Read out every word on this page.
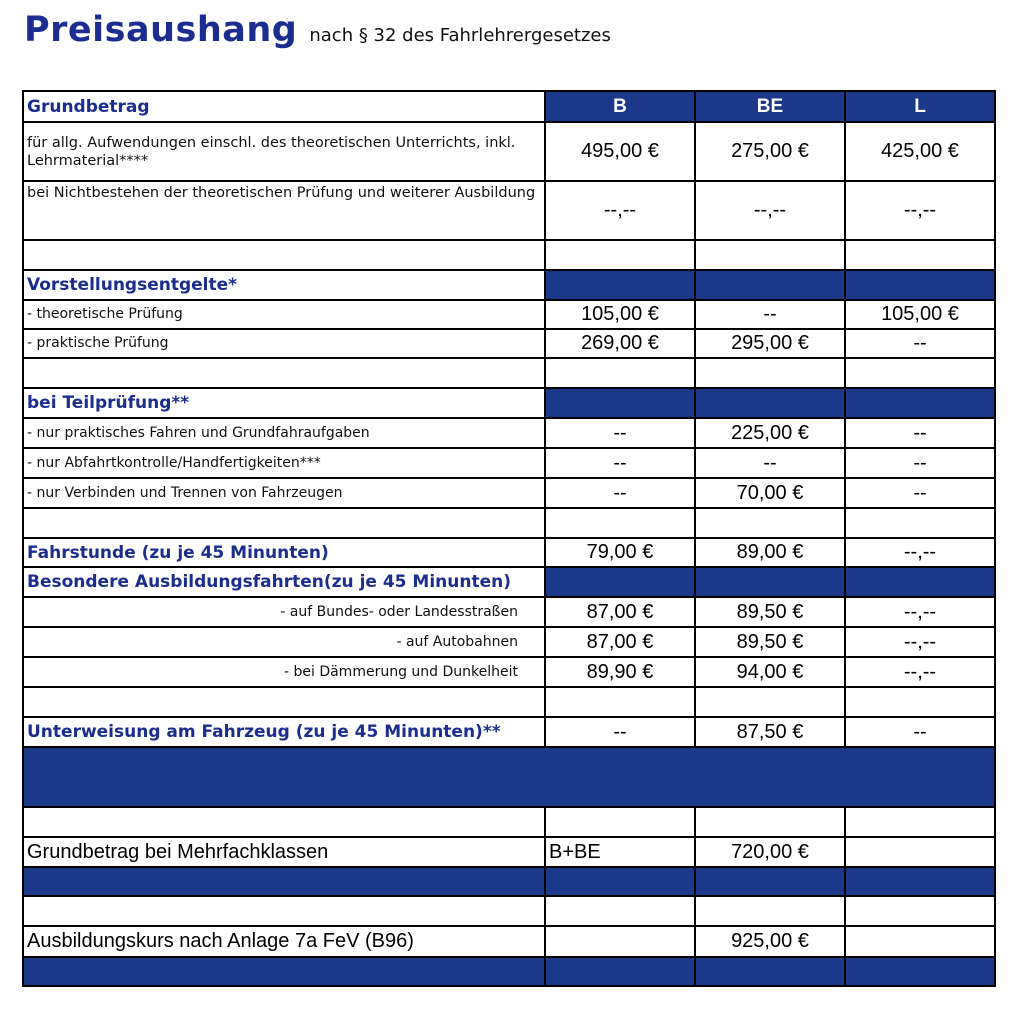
Preisaushang nach § 32 des Fahrlehrergesetzes
Grundbetrag	B	BE	L
für allg. Aufwendungen einschl. des theoretischen Unterrichts, inkl. Lehrmaterial****	495,00 €	275,00 €	425,00 €
bei Nichtbestehen der theoretischen Prüfung und weiterer Ausbildung	--,--	--,--	--,--

Vorstellungsentgelte*			
- theoretische Prüfung	105,00 €	--	105,00 €
- praktische Prüfung	269,00 €	295,00 €	--

bei Teilprüfung**			
- nur praktisches Fahren und Grundfahraufgaben	--	225,00 €	--
- nur Abfahrtkontrolle/Handfertigkeiten***	--	--	--
- nur Verbinden und Trennen von Fahrzeugen	--	70,00 €	--

Fahrstunde (zu je 45 Minunten)	79,00 €	89,00 €	--,--
Besondere Ausbildungsfahrten(zu je 45 Minunten)			
- auf Bundes- oder Landesstraßen	87,00 €	89,50 €	--,--
- auf Autobahnen	87,00 €	89,50 €	--,--
- bei Dämmerung und Dunkelheit	89,90 €	94,00 €	--,--

Unterweisung am Fahrzeug (zu je 45 Minunten)**	--	87,50 €	--

Grundbetrag bei Mehrfachklassen	B+BE	720,00 €	

Ausbildungskurs nach Anlage 7a FeV (B96)		925,00 €	
